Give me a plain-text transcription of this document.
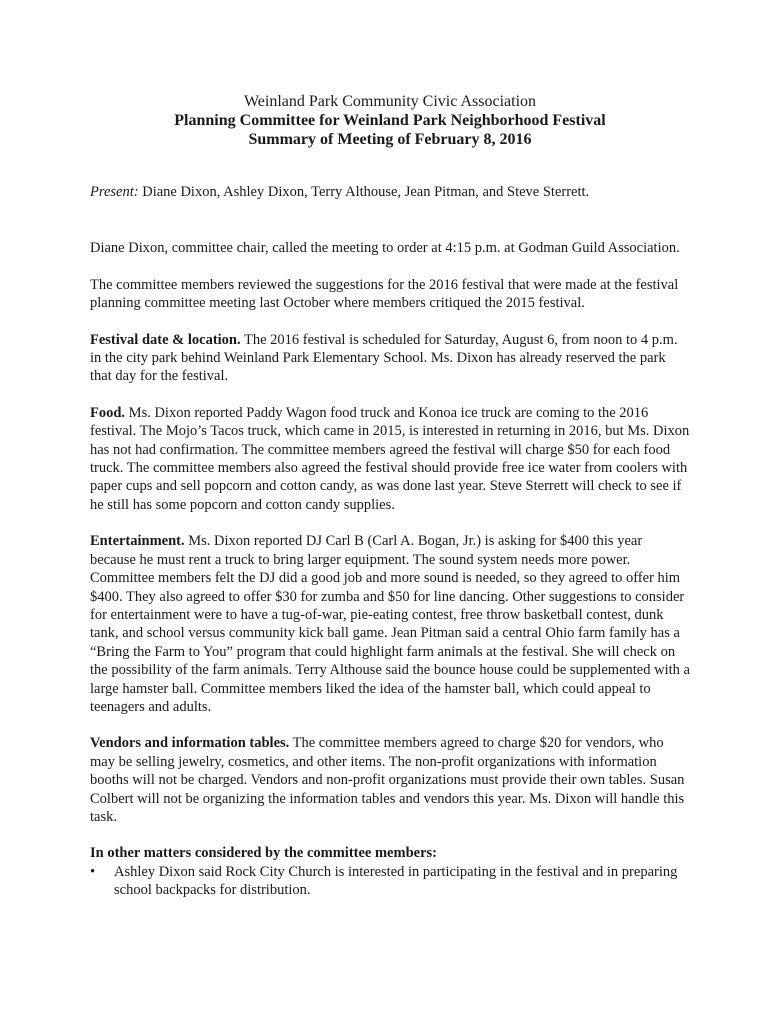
Weinland Park Community Civic Association
Planning Committee for Weinland Park Neighborhood Festival
Summary of Meeting of February 8, 2016

Present: Diane Dixon, Ashley Dixon, Terry Althouse, Jean Pitman, and Steve Sterrett.

Diane Dixon, committee chair, called the meeting to order at 4:15 p.m. at Godman Guild Association.

The committee members reviewed the suggestions for the 2016 festival that were made at the festival planning committee meeting last October where members critiqued the 2015 festival.

Festival date & location. The 2016 festival is scheduled for Saturday, August 6, from noon to 4 p.m. in the city park behind Weinland Park Elementary School. Ms. Dixon has already reserved the park that day for the festival.

Food. Ms. Dixon reported Paddy Wagon food truck and Konoa ice truck are coming to the 2016 festival. The Mojo’s Tacos truck, which came in 2015, is interested in returning in 2016, but Ms. Dixon has not had confirmation. The committee members agreed the festival will charge $50 for each food truck. The committee members also agreed the festival should provide free ice water from coolers with paper cups and sell popcorn and cotton candy, as was done last year. Steve Sterrett will check to see if he still has some popcorn and cotton candy supplies.

Entertainment. Ms. Dixon reported DJ Carl B (Carl A. Bogan, Jr.) is asking for $400 this year because he must rent a truck to bring larger equipment. The sound system needs more power. Committee members felt the DJ did a good job and more sound is needed, so they agreed to offer him $400. They also agreed to offer $30 for zumba and $50 for line dancing. Other suggestions to consider for entertainment were to have a tug-of-war, pie-eating contest, free throw basketball contest, dunk tank, and school versus community kick ball game. Jean Pitman said a central Ohio farm family has a “Bring the Farm to You” program that could highlight farm animals at the festival. She will check on the possibility of the farm animals. Terry Althouse said the bounce house could be supplemented with a large hamster ball. Committee members liked the idea of the hamster ball, which could appeal to teenagers and adults.

Vendors and information tables. The committee members agreed to charge $20 for vendors, who may be selling jewelry, cosmetics, and other items. The non-profit organizations with information booths will not be charged. Vendors and non-profit organizations must provide their own tables. Susan Colbert will not be organizing the information tables and vendors this year. Ms. Dixon will handle this task.

In other matters considered by the committee members:

• Ashley Dixon said Rock City Church is interested in participating in the festival and in preparing school backpacks for distribution.
